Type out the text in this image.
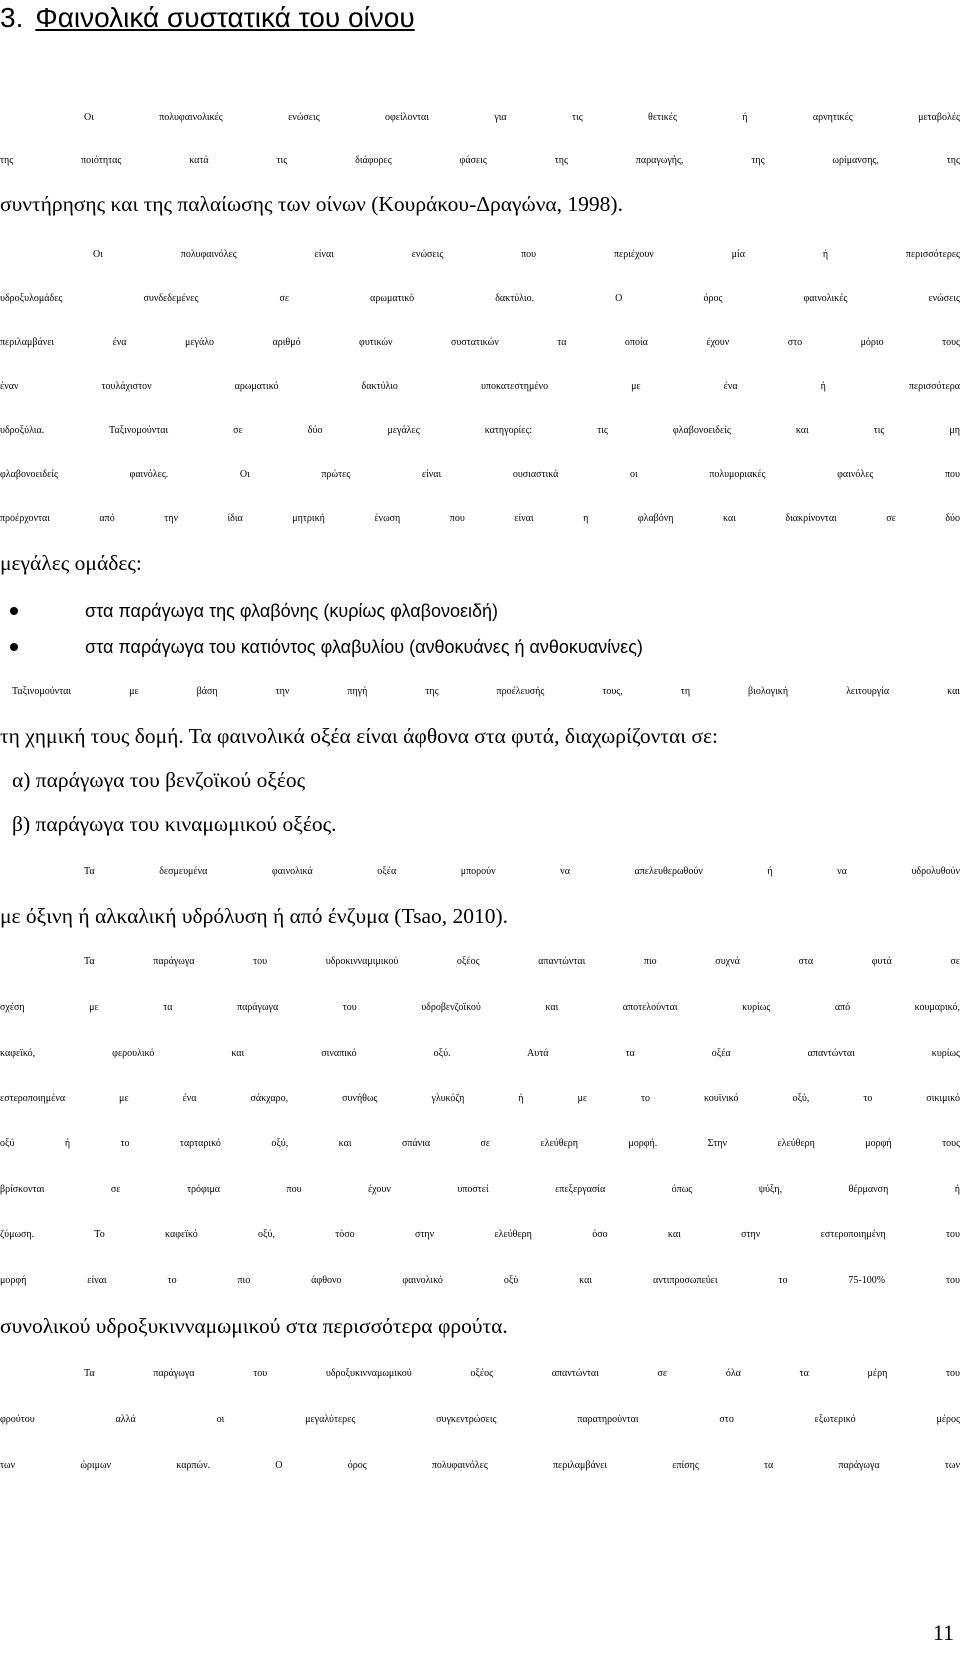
3. Φαινολικά συστατικά του οίνου
Οι πολυφαινολικές ενώσεις οφείλονται για τις θετικές ή αρνητικές μεταβολές
της ποιότητας κατά τις διάφορες φάσεις της παραγωγής, της ωρίμανσης, της
συντήρησης και της παλαίωσης των οίνων (Κουράκου-Δραγώνα, 1998).
Οι πολυφαινόλες είναι ενώσεις που περιέχουν μία ή περισσότερες
υδροξυλομάδες συνδεδεμένες σε αρωματικό δακτύλιο. Ο όρος φαινολικές ενώσεις
περιλαμβάνει ένα μεγάλο αριθμό φυτικών συστατικών τα οποία έχουν στο μόριο τους
έναν τουλάχιστον αρωματικό δακτύλιο υποκατεστημένο με ένα ή περισσότερα
υδροξύλια. Ταξινομούνται σε δύο μεγάλες κατηγορίες: τις φλαβονοειδείς και τις μη
φλαβονοειδείς φαινόλες. Οι πρώτες είναι ουσιαστικά οι πολυμοριακές φαινόλες που
προέρχονται από την ίδια μητρική ένωση που είναι η φλαβόνη και διακρίνονται σε δύο
μεγάλες ομάδες:
στα παράγωγα της φλαβόνης (κυρίως φλαβονοειδή)
στα παράγωγα του κατιόντος φλαβυλίου (ανθοκυάνες ή ανθοκυανίνες)
Ταξινομούνται με βάση την πηγή της προέλευσής τους, τη βιολογική λειτουργία και
τη χημική τους δομή. Τα φαινολικά οξέα είναι άφθονα στα φυτά, διαχωρίζονται σε:
α) παράγωγα του βενζοϊκού οξέος
β) παράγωγα του κιναμωμικού οξέος.
Τα δεσμευμένα φαινολικά οξέα μπορούν να απελευθερωθούν ή να υδρολυθούν
με όξινη ή αλκαλική υδρόλυση ή από ένζυμα (Tsao, 2010).
Τα παράγωγα του υδροκινναμιμικού οξέος απαντώνται πιο συχνά στα φυτά σε
σχέση με τα παράγωγα του υδροβενζοϊκού και αποτελούνται κυρίως από κουμαρικό,
καφεϊκό, φερουλικό και σιναπικό οξύ. Αυτά τα οξέα απαντώνται κυρίως
εστεροποιημένα με ένα σάκχαρο, συνήθως γλυκόζη ή με το κουϊνικό οξύ, το σικιμικό
οξύ ή το ταρταρικό οξύ, και σπάνια σε ελεύθερη μορφή. Στην ελεύθερη μορφή τους
βρίσκονται σε τρόφιμα που έχουν υποστεί επεξεργασία όπως ψύξη, θέρμανση ή
ζύμωση. Το καφεϊκό οξύ, τόσο στην ελεύθερη όσο και στην εστεροποιημένη του
μορφή είναι το πιο άφθονο φαινολικό οξύ και αντιπροσωπεύει το 75-100% του
συνολικού υδροξυκινναμωμικού στα περισσότερα φρούτα.
Τα παράγωγα του υδροξυκινναμωμικού οξέος απαντώνται σε όλα τα μέρη του
φρούτου αλλά οι μεγαλύτερες συγκεντρώσεις παρατηρούνται στο εξωτερικό μέρος
των ώριμων καρπών. Ο όρος πολυφαινόλες περιλαμβάνει επίσης τα παράγωγα των
11
